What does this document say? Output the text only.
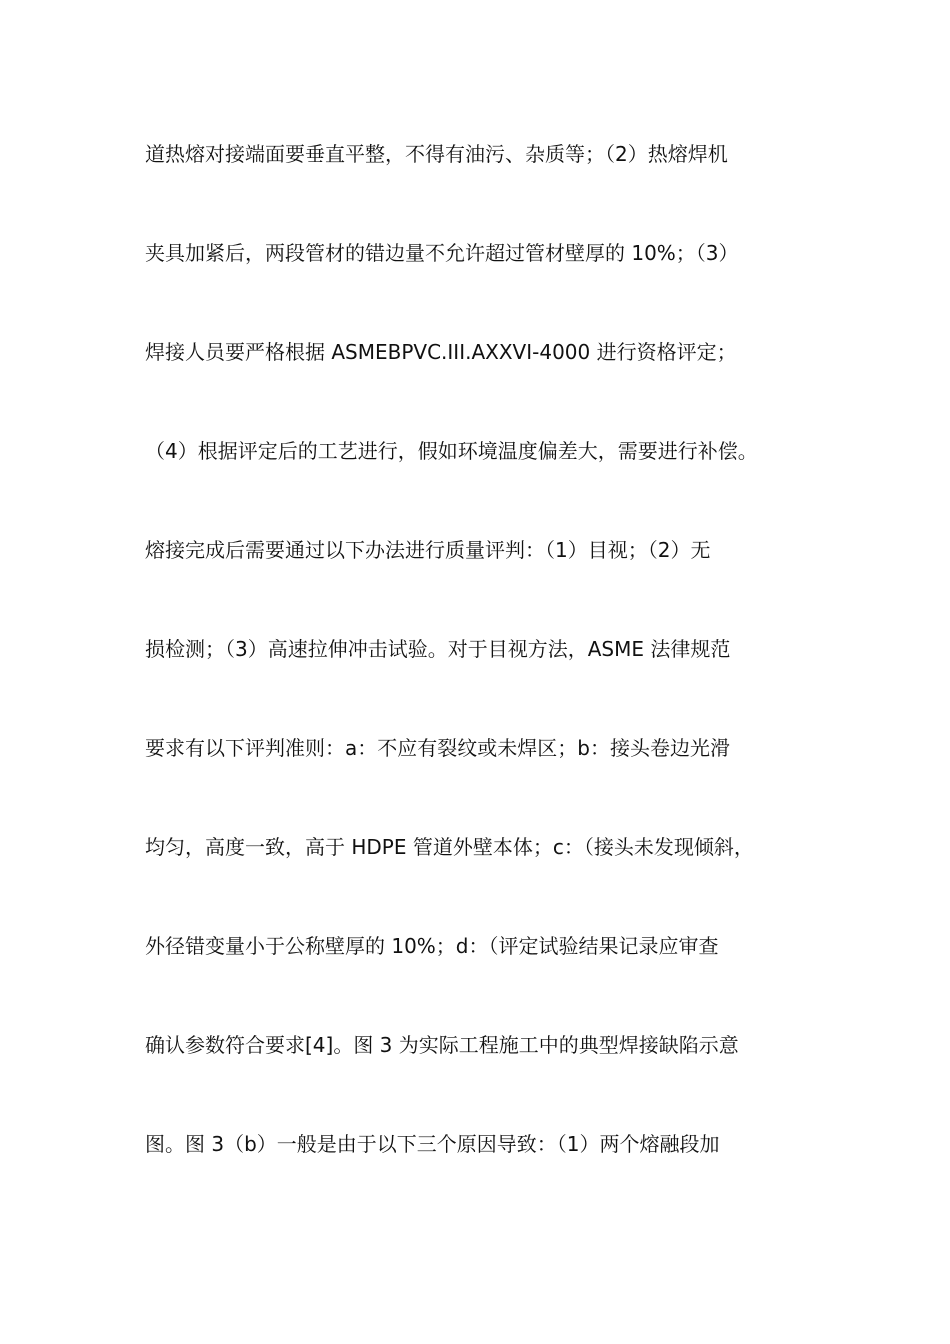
道热熔对接端面要垂直平整，不得有油污、杂质等；（2）热熔焊机
夹具加紧后，两段管材的错边量不允许超过管材壁厚的 10%；（3）
焊接人员要严格根据 ASMEBPVC.III.AXXVI-4000 进行资格评定；
（4）根据评定后的工艺进行，假如环境温度偏差大，需要进行补偿。
熔接完成后需要通过以下办法进行质量评判：（1）目视；（2）无
损检测；（3）高速拉伸冲击试验。对于目视方法，ASME 法律规范
要求有以下评判准则：a：不应有裂纹或未焊区；b：接头卷边光滑
均匀，高度一致，高于 HDPE 管道外壁本体；c：（接头未发现倾斜，
外径错变量小于公称壁厚的 10%；d：（评定试验结果记录应审查
确认参数符合要求[4]。图 3 为实际工程施工中的典型焊接缺陷示意
图。图 3（b）一般是由于以下三个原因导致：（1）两个熔融段加
